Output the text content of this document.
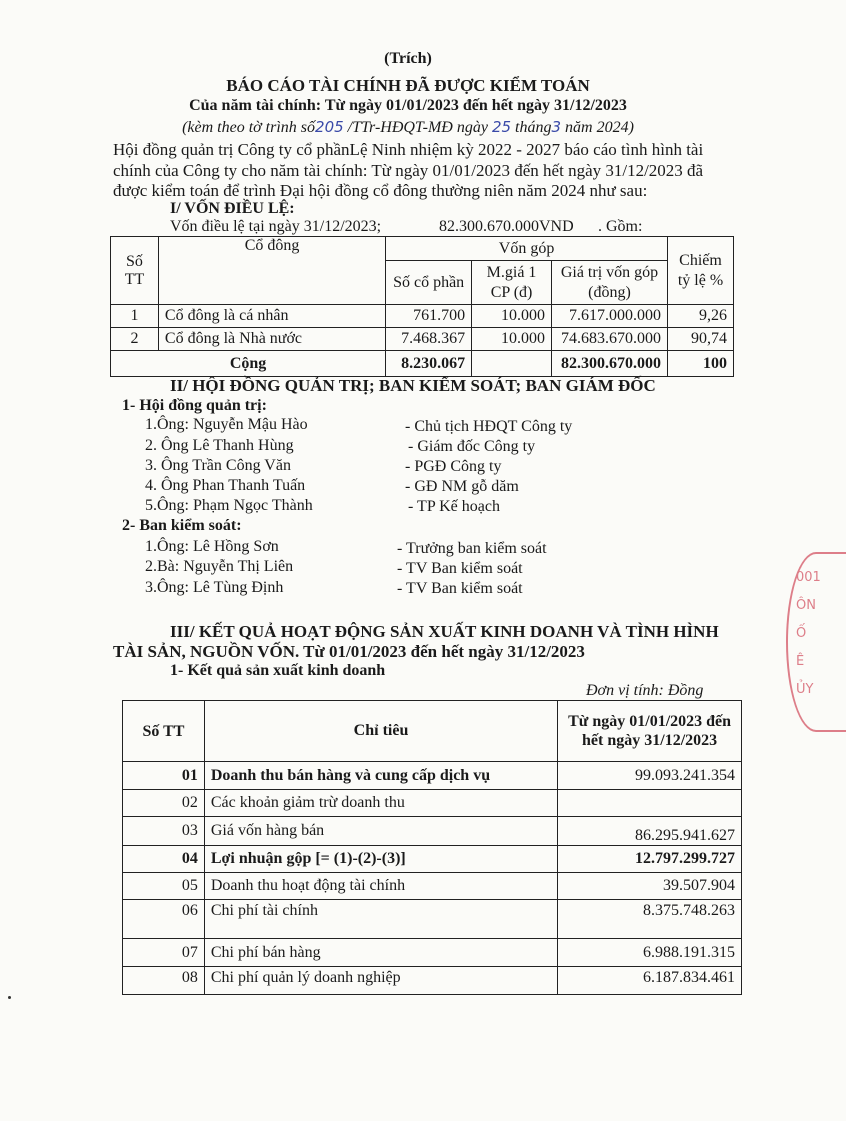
(Trích)
BÁO CÁO TÀI CHÍNH ĐÃ ĐƯỢC KIỂM TOÁN
Của năm tài chính: Từ ngày 01/01/2023 đến hết ngày 31/12/2023
(kèm theo tờ trình số205 /TTr-HĐQT-MĐ ngày 25 tháng3 năm 2024)
Hội đồng quản trị Công ty cổ phầnLệ Ninh nhiệm kỳ 2022 - 2027 báo cáo tình hình tài
chính của Công ty cho năm tài chính: Từ ngày 01/01/2023 đến hết ngày 31/12/2023 đã
được kiểm toán để trình Đại hội đồng cổ đông thường niên năm 2024 như sau:
I/ VỐN ĐIỀU LỆ:
Vốn điều lệ tại ngày 31/12/2023;	82.300.670.000VND . Gồm:
Số TT	Cổ đông	Vốn góp			Chiếm tỷ lệ %
		Số cổ phần	M.giá 1 CP (đ)	Giá trị vốn góp (đồng)	
1	Cổ đông là cá nhân	761.700	10.000	7.617.000.000	9,26
2	Cổ đông là Nhà nước	7.468.367	10.000	74.683.670.000	90,74
Cộng		8.230.067		82.300.670.000	100
II/ HỘI ĐỒNG QUẢN TRỊ; BAN KIỂM SOÁT; BAN GIÁM ĐỐC
1- Hội đồng quản trị:
1.Ông: Nguyễn Mậu Hào	- Chủ tịch HĐQT Công ty
2. Ông Lê Thanh Hùng	- Giám đốc Công ty
3. Ông Trần Công Văn	- PGĐ Công ty
4. Ông Phan Thanh Tuấn	- GĐ NM gỗ dăm
5.Ông: Phạm Ngọc Thành	- TP Kế hoạch
2- Ban kiểm soát:
1.Ông: Lê Hồng Sơn	- Trưởng ban kiểm soát
2.Bà: Nguyễn Thị Liên	- TV Ban kiểm soát
3.Ông: Lê Tùng Định	- TV Ban kiểm soát
III/ KẾT QUẢ HOẠT ĐỘNG SẢN XUẤT KINH DOANH VÀ TÌNH HÌNH
TÀI SẢN, NGUỒN VỐN. Từ 01/01/2023 đến hết ngày 31/12/2023
1- Kết quả sản xuất kinh doanh
Đơn vị tính: Đồng
Số TT	Chỉ tiêu	Từ ngày 01/01/2023 đến hết ngày 31/12/2023
01	Doanh thu bán hàng và cung cấp dịch vụ	99.093.241.354
02	Các khoản giảm trừ doanh thu	
03	Giá vốn hàng bán	86.295.941.627
04	Lợi nhuận gộp [= (1)-(2)-(3)]	12.797.299.727
05	Doanh thu hoạt động tài chính	39.507.904
06	Chi phí tài chính	8.375.748.263
07	Chi phí bán hàng	6.988.191.315
08	Chi phí quản lý doanh nghiệp	6.187.834.461
001
ÔN
Ố
Ê
ỦY
